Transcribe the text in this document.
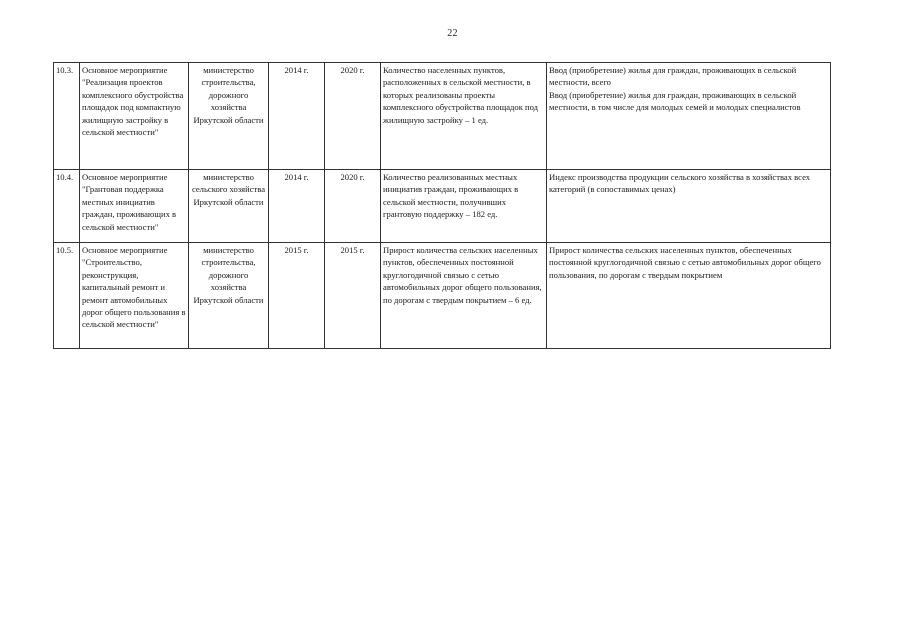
22
10.3.	Основное мероприятие "Реализация проектов комплексного обустройства площадок под компактную жилищную застройку в сельской местности"	министерство строительства, дорожного хозяйства Иркутской области	2014 г.	2020 г.	Количество населенных пунктов, расположенных в сельской местности, в которых реализованы проекты комплексного обустройства площадок под жилищную застройку – 1 ед.	Ввод (приобретение) жилья для граждан, проживающих в сельской местности, всего
Ввод (приобретение) жилья для граждан, проживающих в сельской местности, в том числе для молодых семей и молодых специалистов
10.4.	Основное мероприятие "Грантовая поддержка местных инициатив граждан, проживающих в сельской местности"	министерство сельского хозяйства Иркутской области	2014 г.	2020 г.	Количество реализованных местных инициатив граждан, проживающих в сельской местности, получивших грантовую поддержку – 182 ед.	Индекс производства продукции сельского хозяйства в хозяйствах всех категорий (в сопоставимых ценах)
10.5.	Основное мероприятие "Строительство, реконструкция, капитальный ремонт и ремонт автомобильных дорог общего пользования в сельской местности"	министерство строительства, дорожного хозяйства Иркутской области	2015 г.	2015 г.	Прирост количества сельских населенных пунктов, обеспеченных постоянной круглогодичной связью с сетью автомобильных дорог общего пользования, по дорогам с твердым покрытием – 6 ед.	Прирост количества сельских населенных пунктов, обеспеченных постоянной круглогодичной связью с сетью автомобильных дорог общего пользования, по дорогам с твердым покрытием
